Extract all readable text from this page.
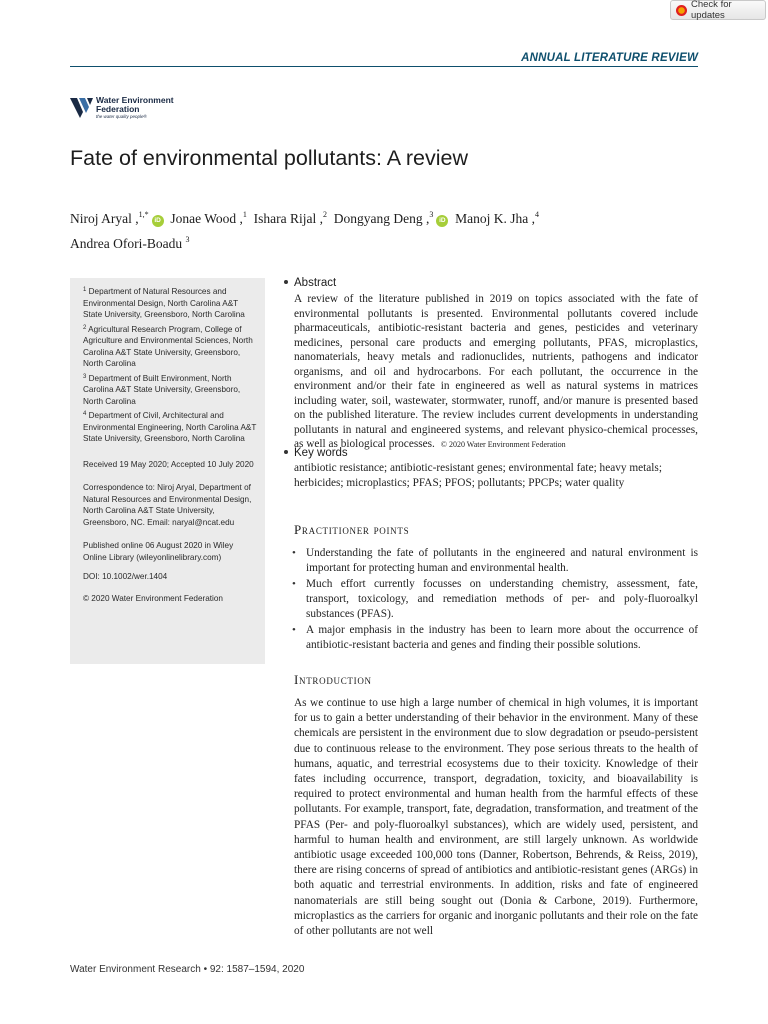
Check for updates
ANNUAL LITERATURE REVIEW
Water Environment
Federation
the water quality people®
Fate of environmental pollutants: A review
Niroj Aryal ,$^{1,*}$iD Jonae Wood ,$^1$ Ishara Rijal ,$^2$ Dongyang Deng ,$^3$iD Manoj K. Jha ,$^4$
Andrea Ofori-Boadu $^3$

$^1$ Department of Natural Resources and Environmental Design, North Carolina A&T State University, Greensboro, North Carolina

$^2$ Agricultural Research Program, College of Agriculture and Environmental Sciences, North Carolina A&T State University, Greensboro, North Carolina

$^3$ Department of Built Environment, North Carolina A&T State University, Greensboro, North Carolina

$^4$ Department of Civil, Architectural and Environmental Engineering, North Carolina A&T State University, Greensboro, North Carolina

Received 19 May 2020; Accepted 10 July 2020

Correspondence to: Niroj Aryal, Department of Natural Resources and Environmental Design, North Carolina A&T State University, Greensboro, NC. Email: naryal@ncat.edu

Published online 06 August 2020 in Wiley Online Library (wileyonlinelibrary.com)

DOI: 10.1002/wer.1404

© 2020 Water Environment Federation

Abstract
A review of the literature published in 2019 on topics associated with the fate of environmental pollutants is presented. Environmental pollutants covered include pharmaceuticals, antibiotic-resistant bacteria and genes, pesticides and veterinary medicines, personal care products and emerging pollutants, PFAS, microplastics, nanomaterials, heavy metals and radionuclides, nutrients, pathogens and indicator organisms, and oil and hydrocarbons. For each pollutant, the occurrence in the environment and/or their fate in engineered as well as natural systems in matrices including water, soil, wastewater, stormwater, runoff, and/or manure is presented based on the published literature. The review includes current developments in understanding pollutants in natural and engineered systems, and relevant physico-chemical processes, as well as biological processes. © 2020 Water Environment Federation
Key words
antibiotic resistance; antibiotic-resistant genes; environmental fate; heavy metals; herbicides; microplastics; PFAS; PFOS; pollutants; PPCPs; water quality
Practitioner points
• Understanding the fate of pollutants in the engineered and natural environment is important for protecting human and environmental health.
• Much effort currently focusses on understanding chemistry, assessment, fate, transport, toxicology, and remediation methods of per- and poly-fluoroalkyl substances (PFAS).
• A major emphasis in the industry has been to learn more about the occurrence of antibiotic-resistant bacteria and genes and finding their possible solutions.
Introduction
As we continue to use high a large number of chemical in high volumes, it is important for us to gain a better understanding of their behavior in the environment. Many of these chemicals are persistent in the environment due to slow degradation or pseudo-persistent due to continuous release to the environment. They pose serious threats to the health of humans, aquatic, and terrestrial ecosystems due to their toxicity. Knowledge of their fates including occurrence, transport, degradation, toxicity, and bioavailability is required to protect environmental and human health from the harmful effects of these pollutants. For example, transport, fate, degradation, transformation, and treatment of the PFAS (Per- and poly-fluoroalkyl substances), which are widely used, persistent, and harmful to human health and environment, are still largely unknown. As worldwide antibiotic usage exceeded 100,000 tons (Danner, Robertson, Behrends, & Reiss, 2019), there are rising concerns of spread of antibiotics and antibiotic-resistant genes (ARGs) in both aquatic and terrestrial environments. In addition, risks and fate of engineered nanomaterials are still being sought out (Donia & Carbone, 2019). Furthermore, microplastics as the carriers for organic and inorganic pollutants and their role on the fate of other pollutants are not well
Water Environment Research • 92: 1587–1594, 2020
